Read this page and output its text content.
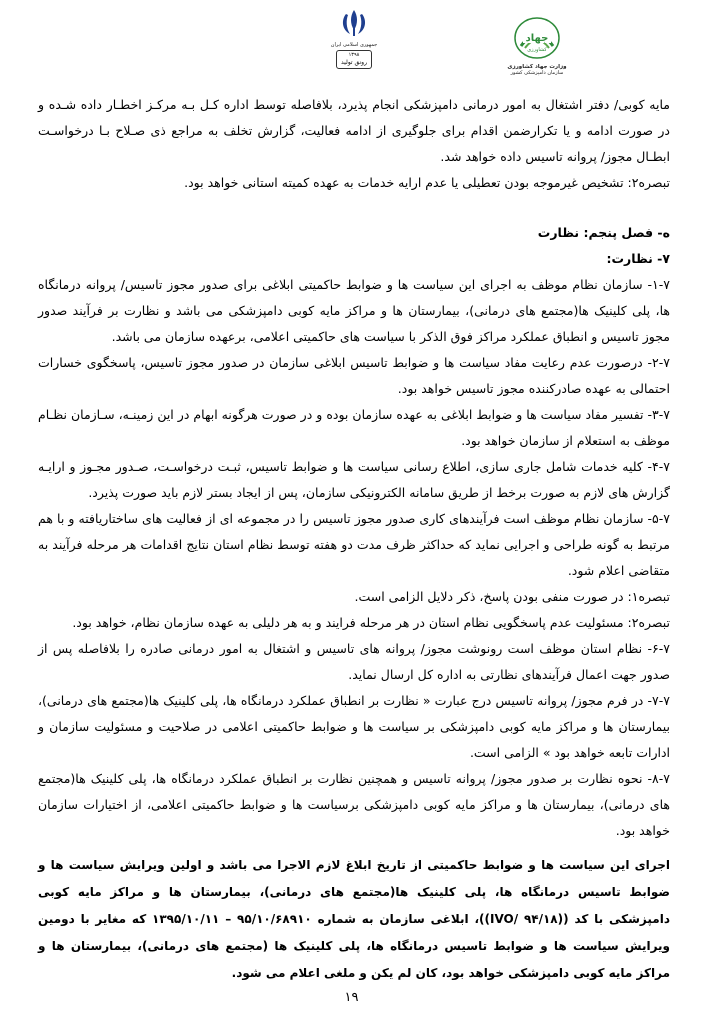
جهاد
کشاورزی
وزارت جهاد کشاورزی
سازمان دامپزشکی کشور
جمهوری اسلامی ایران
۱۳۹۸
رونق تولید

مایه کوبی/ دفتر اشتغال به امور درمانی دامپزشکی انجام پذیرد، بلافاصله توسط اداره کـل بـه مرکـز اخطـار داده شـده و در صورت ادامه و یا تکرارضمن اقدام برای جلوگیری از ادامه فعالیت، گزارش تخلف به مراجع ذی صـلاح بـا درخواسـت ابطـال مجوز/ پروانه تاسیس داده خواهد شد.

تبصره۲: تشخیص غیرموجه بودن تعطیلی یا عدم ارایه خدمات به عهده کمیته استانی خواهد بود.

ه- فصل پنجم: نظارت

۷- نظارت:

۱-۷- سازمان نظام موظف به اجرای این سیاست ها و ضوابط حاکمیتی ابلاغی برای صدور مجوز تاسیس/ پروانه درمانگاه ها، پلی کلینیک ها(مجتمع های درمانی)، بیمارستان ها و مراکز مایه کوبی دامپزشکی می باشد و نظارت بر فرآیند صدور مجوز تاسیس و انطباق عملکرد مراکز فوق الذکر با سیاست های حاکمیتی اعلامی، برعهده سازمان می باشد.

۲-۷- درصورت عدم رعایت مفاد سیاست ها و ضوابط تاسیس ابلاغی سازمان در صدور مجوز تاسیس، پاسخگوی خسارات احتمالی به عهده صادرکننده مجوز تاسیس خواهد بود.

۳-۷- تفسیر مفاد سیاست ها و ضوابط ابلاغی به عهده سازمان بوده و در صورت هرگونه ابهام در این زمینـه، سـازمان نظـام موظف به استعلام از سازمان خواهد بود.

۴-۷- کلیه خدمات شامل جاری سازی، اطلاع رسانی سیاست ها و ضوابط تاسیس، ثبـت درخواسـت، صـدور مجـوز و ارایـه گزارش های لازم به صورت برخط از طریق سامانه الکترونیکی سازمان، پس از ایجاد بستر لازم باید صورت پذیرد.

۵-۷- سازمان نظام موظف است فرآیندهای کاری صدور مجوز تاسیس را در مجموعه ای از فعالیت های ساختاریافته و با هم مرتبط به گونه طراحی و اجرایی نماید که حداکثر ظرف مدت دو هفته توسط نظام استان نتایج اقدامات هر مرحله فرآیند به متقاضی اعلام شود.

تبصره۱: در صورت منفی بودن پاسخ، ذکر دلایل الزامی است.

تبصره۲: مسئولیت عدم پاسخگویی نظام استان در هر مرحله فرایند و به هر دلیلی به عهده سازمان نظام، خواهد بود.

۶-۷- نظام استان موظف است رونوشت مجوز/ پروانه های تاسیس و اشتغال به امور درمانی صادره را بلافاصله پس از صدور جهت اعمال فرآیندهای نظارتی به اداره کل ارسال نماید.

۷-۷- در فرم مجوز/ پروانه تاسیس درج عبارت « نظارت بر انطباق عملکرد درمانگاه ها، پلی کلینیک ها(مجتمع های درمانی)، بیمارستان ها و مراکز مایه کوبی دامپزشکی بر سیاست ها و ضوابط حاکمیتی اعلامی در صلاحیت و مسئولیت سازمان و ادارات تابعه خواهد بود » الزامی است.

۸-۷- نحوه نظارت بر صدور مجوز/ پروانه تاسیس و همچنین نظارت بر انطباق عملکرد درمانگاه ها، پلی کلینیک ها(مجتمع های درمانی)، بیمارستان ها و مراکز مایه کوبی دامپزشکی برسیاست ها و ضوابط حاکمیتی اعلامی، از اختیارات سازمان خواهد بود.

اجرای این سیاست ها و ضوابط حاکمیتی از تاریخ ابلاغ لازم الاجرا می باشد و اولین ویرایش سیاست ها و ضوابط تاسیس درمانگاه ها، پلی کلینیک ها(مجتمع های درمانی)، بیمارستان ها و مراکز مایه کوبی دامپزشکی با کد ((IVO/ ۹۴/۱۸))، ابلاغی سازمان به شماره ۹۵/۱۰/۶۸۹۱۰ – ۱۳۹۵/۱۰/۱۱ که مغایر با دومین ویرایش سیاست ها و ضوابط تاسیس درمانگاه ها، پلی کلینیک ها (مجتمع های درمانی)، بیمارستان ها و مراکز مایه کوبی دامپزشکی خواهد بود، کان لم یکن و ملغی اعلام می شود.

۱۹
